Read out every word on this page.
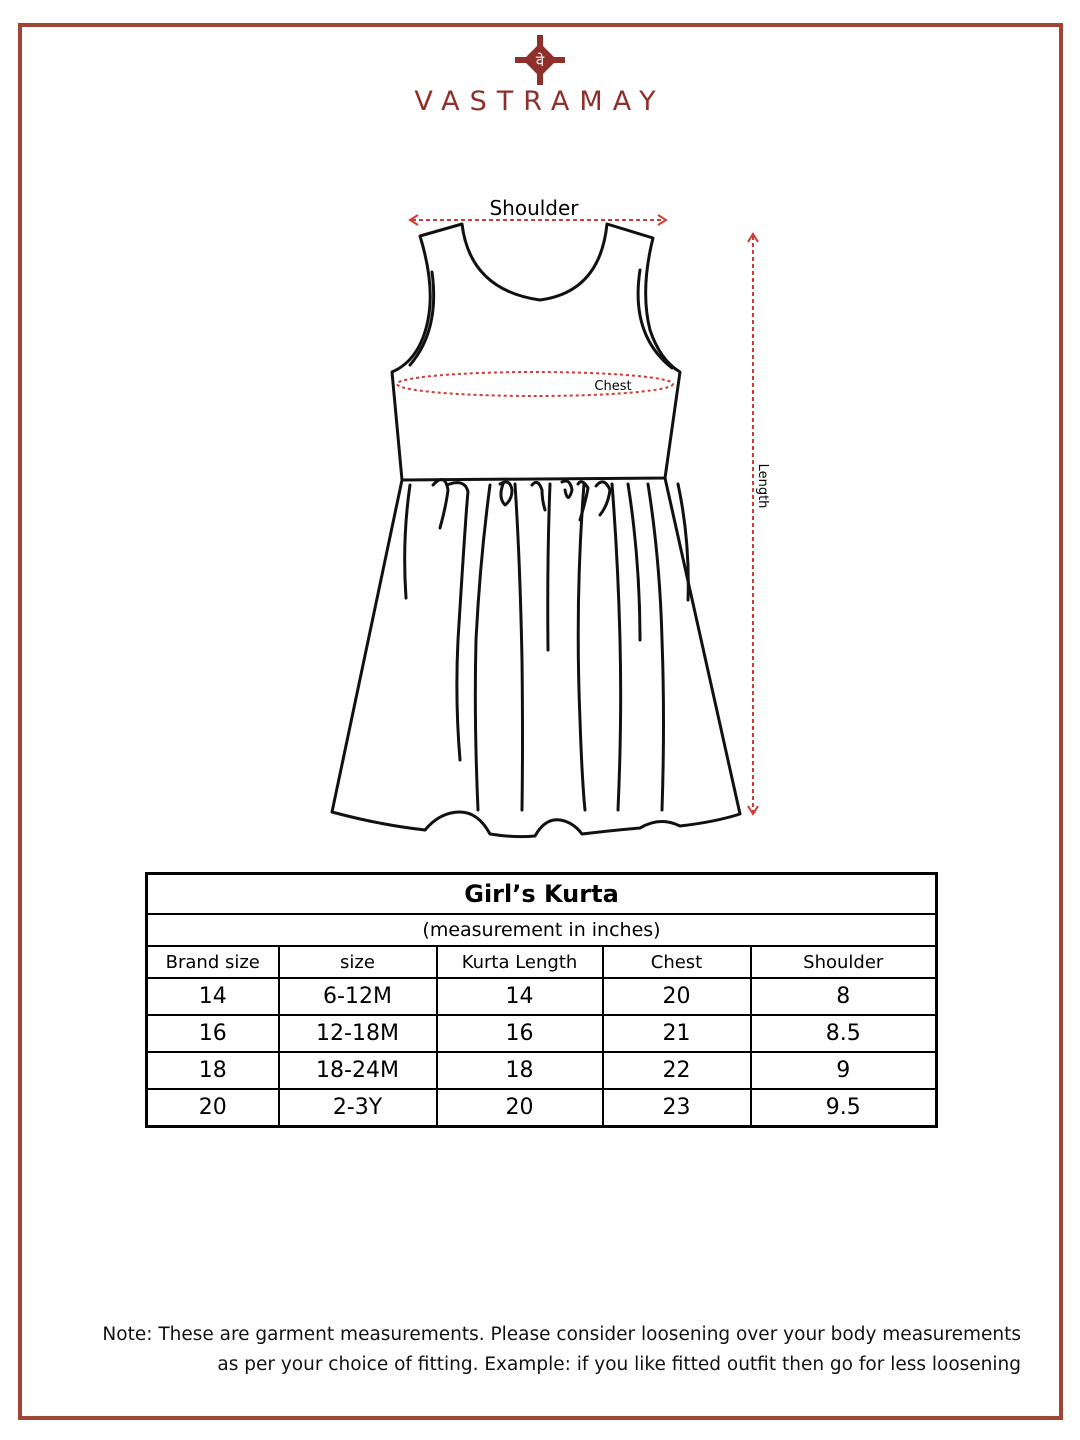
वे
VASTRAMAY
Shoulder
Chest
Length
Girl’s Kurta				
(measurement in inches)				
Brand size	size	Kurta Length	Chest	Shoulder
14	6-12M	14	20	8
16	12-18M	16	21	8.5
18	18-24M	18	22	9
20	2-3Y	20	23	9.5
Note: These are garment measurements. Please consider loosening over your body measurements
as per your choice of fitting. Example: if you like fitted outfit then go for less loosening
